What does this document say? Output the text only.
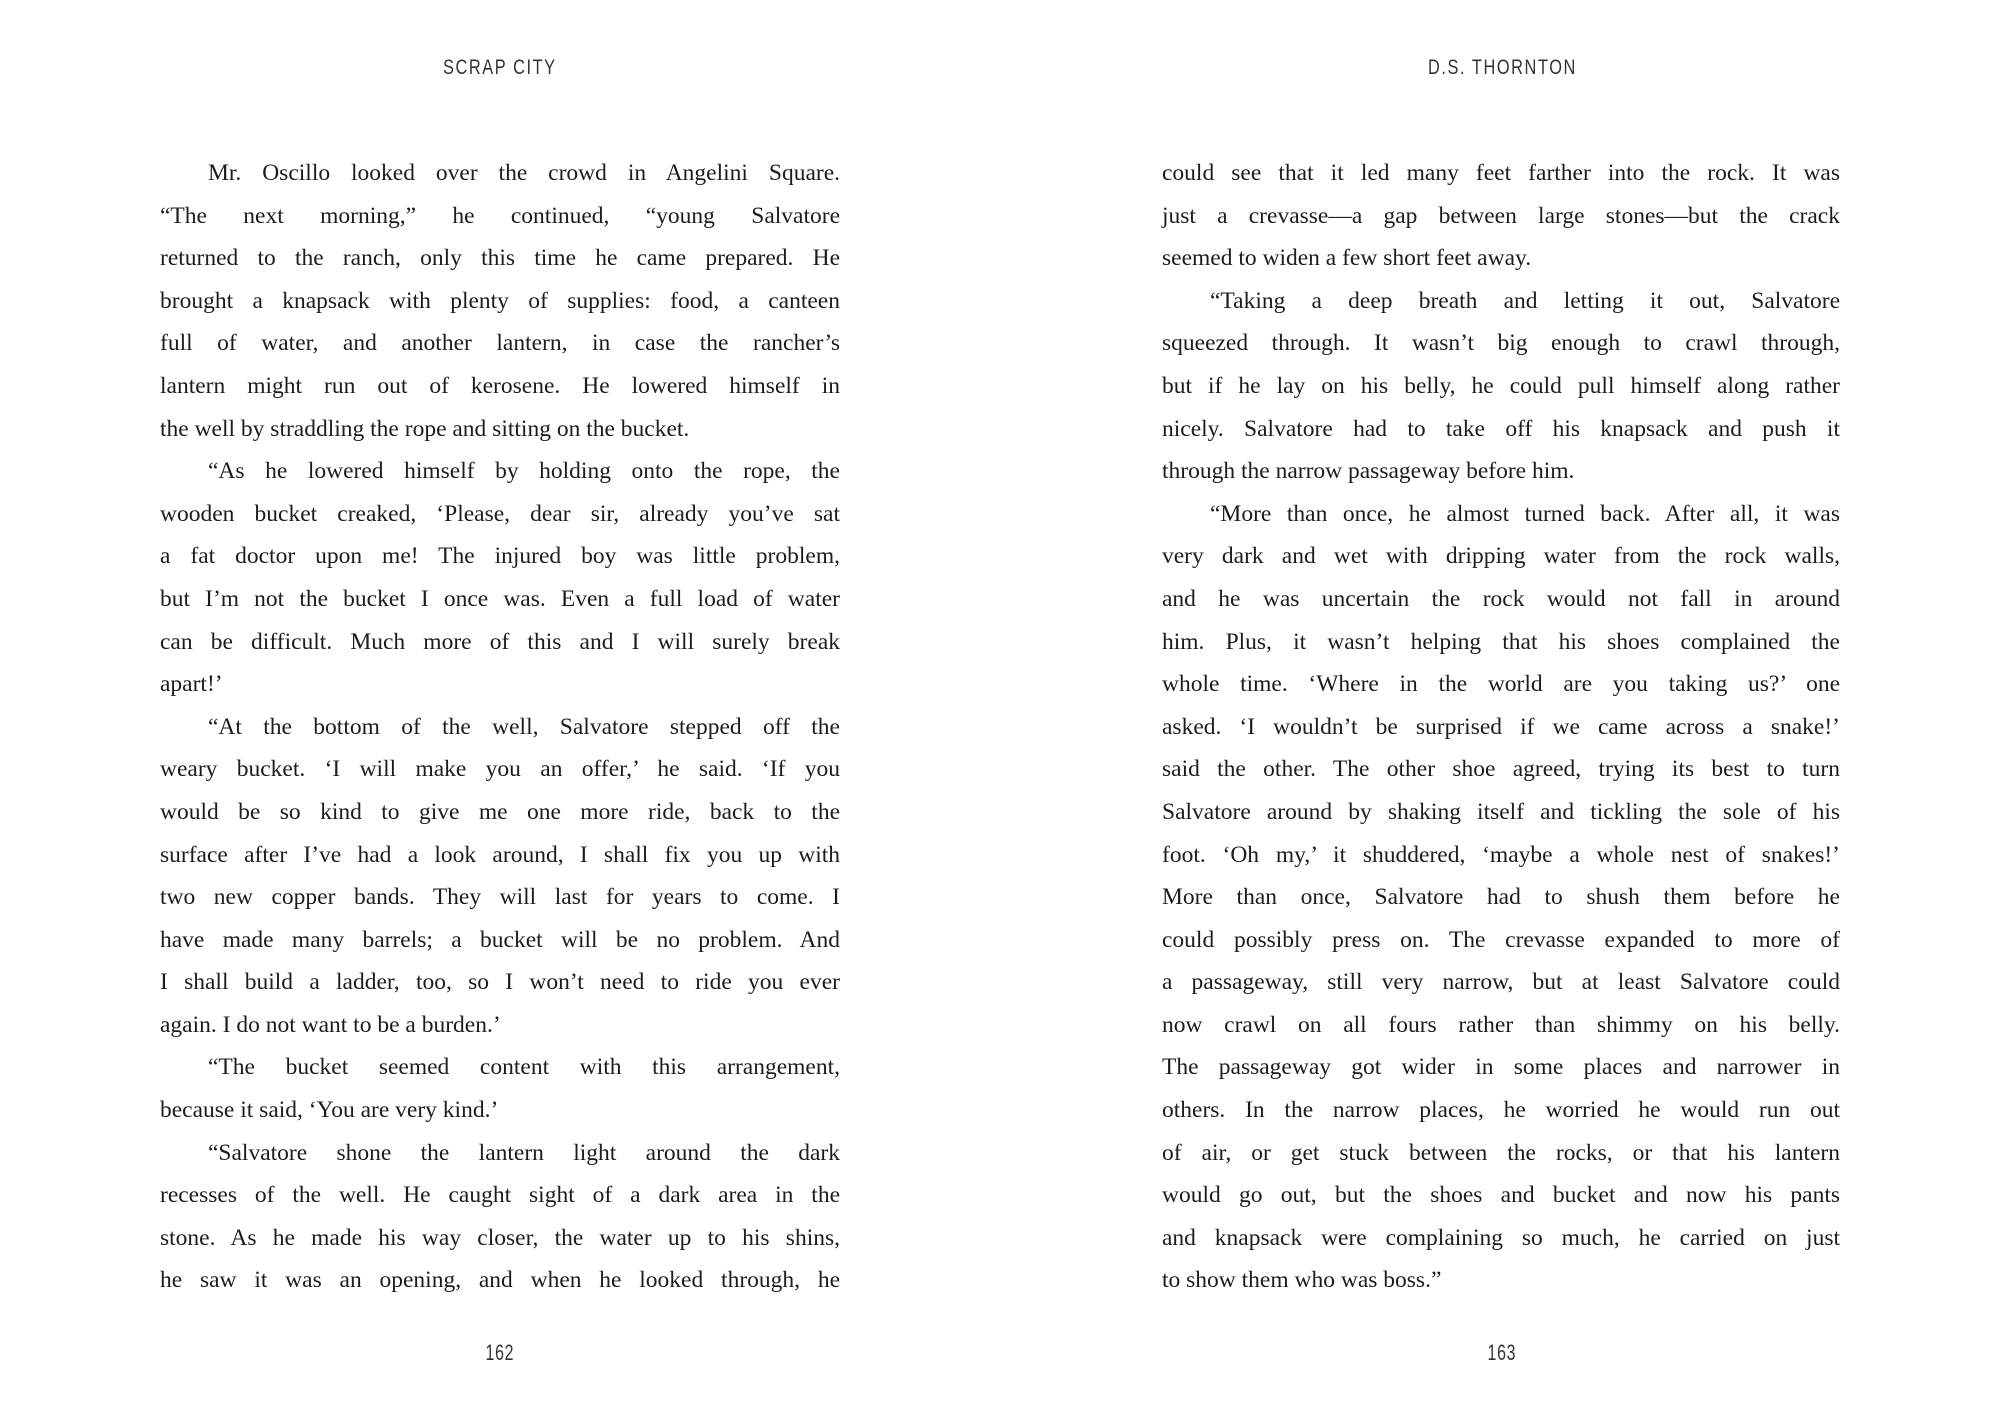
SCRAP CITY	D.S. THORNTON
Mr. Oscillo looked over the crowd in Angelini Square.
“The next morning,” he continued, “young Salvatore
returned to the ranch, only this time he came prepared. He
brought a knapsack with plenty of supplies: food, a canteen
full of water, and another lantern, in case the rancher’s
lantern might run out of kerosene. He lowered himself in
the well by straddling the rope and sitting on the bucket.
“As he lowered himself by holding onto the rope, the
wooden bucket creaked, ‘Please, dear sir, already you’ve sat
a fat doctor upon me! The injured boy was little problem,
but I’m not the bucket I once was. Even a full load of water
can be difficult. Much more of this and I will surely break
apart!’
“At the bottom of the well, Salvatore stepped off the
weary bucket. ‘I will make you an offer,’ he said. ‘If you
would be so kind to give me one more ride, back to the
surface after I’ve had a look around, I shall fix you up with
two new copper bands. They will last for years to come. I
have made many barrels; a bucket will be no problem. And
I shall build a ladder, too, so I won’t need to ride you ever
again. I do not want to be a burden.’
“The bucket seemed content with this arrangement,
because it said, ‘You are very kind.’
“Salvatore shone the lantern light around the dark
recesses of the well. He caught sight of a dark area in the
stone. As he made his way closer, the water up to his shins,
he saw it was an opening, and when he looked through, he
could see that it led many feet farther into the rock. It was
just a crevasse—a gap between large stones—but the crack
seemed to widen a few short feet away.
“Taking a deep breath and letting it out, Salvatore
squeezed through. It wasn’t big enough to crawl through,
but if he lay on his belly, he could pull himself along rather
nicely. Salvatore had to take off his knapsack and push it
through the narrow passageway before him.
“More than once, he almost turned back. After all, it was
very dark and wet with dripping water from the rock walls,
and he was uncertain the rock would not fall in around
him. Plus, it wasn’t helping that his shoes complained the
whole time. ‘Where in the world are you taking us?’ one
asked. ‘I wouldn’t be surprised if we came across a snake!’
said the other. The other shoe agreed, trying its best to turn
Salvatore around by shaking itself and tickling the sole of his
foot. ‘Oh my,’ it shuddered, ‘maybe a whole nest of snakes!’
More than once, Salvatore had to shush them before he
could possibly press on. The crevasse expanded to more of
a passageway, still very narrow, but at least Salvatore could
now crawl on all fours rather than shimmy on his belly.
The passageway got wider in some places and narrower in
others. In the narrow places, he worried he would run out
of air, or get stuck between the rocks, or that his lantern
would go out, but the shoes and bucket and now his pants
and knapsack were complaining so much, he carried on just
to show them who was boss.”
162	163
